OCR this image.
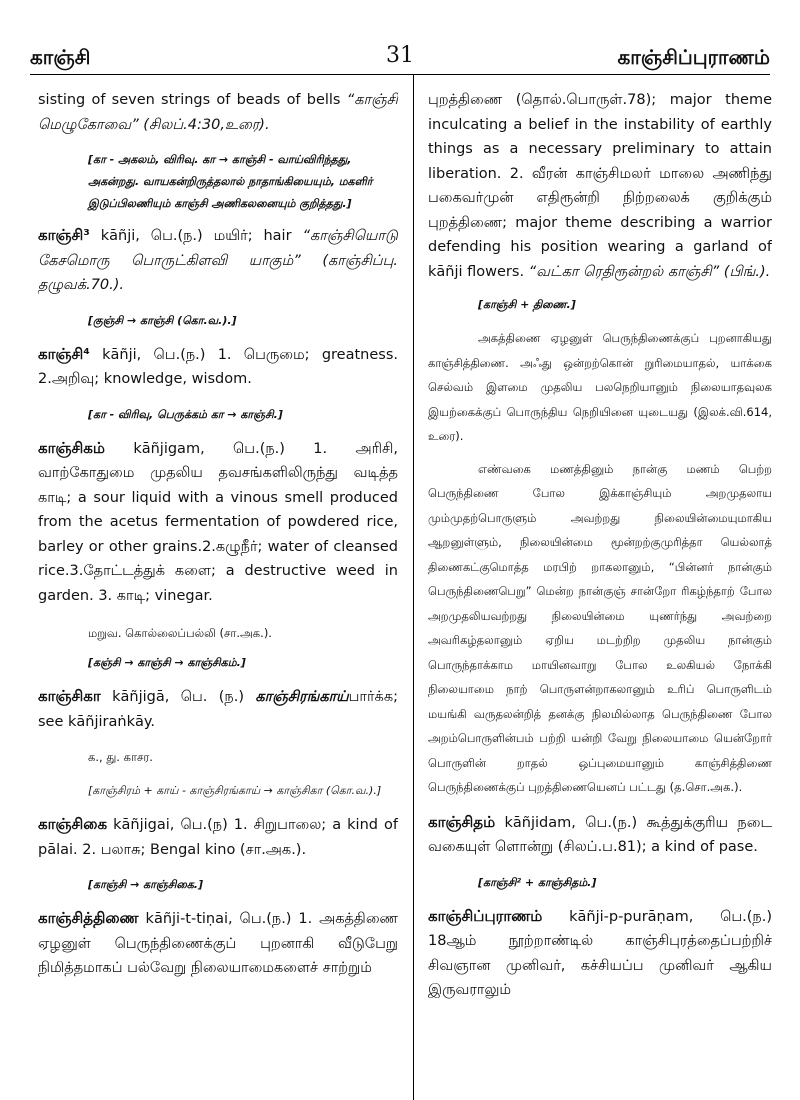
காஞ்சி	31	காஞ்சிப்புராணம்

sisting of seven strings of beads of bells “காஞ்சி மெழுகோவை” (சிலப்.4:30,உரை).

[கா - அகலம், விரிவு. கா → காஞ்சி - வாய்விரிந்தது, அகன்றது. வாயகன்றிருத்தலால் நாதாங்கியையும், மகளிர் இடுப்பிலணியும் காஞ்சி அணிகலனையும் குறித்தது.]

காஞ்சி³ kāñji, பெ.(ந.) மயிர்; hair “காஞ்சியொடு கேசமொரு பொருட்கிளவி யாகும்” (காஞ்சிப்பு. தழுவக்.70.).

[குஞ்சி → காஞ்சி (கொ.வ.).]

காஞ்சி⁴ kāñji, பெ.(ந.) 1. பெருமை; greatness. 2.அறிவு; knowledge, wisdom.

[கா - விரிவு, பெருக்கம் கா → காஞ்சி.]

காஞ்சிகம் kāñjigam, பெ.(ந.) 1. அரிசி, வாற்கோதுமை முதலிய தவசங்களிலிருந்து வடித்த காடி; a sour liquid with a vinous smell produced from the acetus fermentation of powdered rice, barley or other grains.2.கழுநீர்; water of cleansed rice.3.தோட்டத்துக் களை; a destructive weed in garden. 3. காடி; vinegar.

மறுவ. கொல்லைப்பல்லி (சா.அக.).

[கஞ்சி → காஞ்சி → காஞ்சிகம்.]

காஞ்சிகா kāñjigā, பெ. (ந.) காஞ்சிரங்காய்பார்க்க; see kāñjiraṅkāy.

க., து. காசர.

[காஞ்சிரம் + காய் - காஞ்சிரங்காய் → காஞ்சிகா (கொ.வ.).]

காஞ்சிகை kāñjigai, பெ.(ந) 1. சிறுபாலை; a kind of pālai. 2. பலாசு; Bengal kino (சா.அக.).

[காஞ்சி → காஞ்சிகை.]

காஞ்சித்திணை kāñji-t-tiṇai, பெ.(ந.) 1. அகத்திணை ஏழனுள் பெருந்திணைக்குப் புறனாகி வீடுபேறு நிமித்தமாகப் பல்வேறு நிலையாமைகளைச் சாற்றும்

புறத்திணை (தொல்.பொருள்.78); major theme inculcating a belief in the instability of earthly things as a necessary preliminary to attain liberation. 2. வீரன் காஞ்சிமலர் மாலை அணிந்து பகைவர்முன் எதிரூன்றி நிற்றலைக் குறிக்கும் புறத்திணை; major theme describing a warrior defending his position wearing a garland of kāñji flowers. “வட்கா ரெதிரூன்றல் காஞ்சி” (பிங்.).

[காஞ்சி + திணை.]

அகத்திணை ஏழனுள் பெருந்திணைக்குப் புறனாகியது காஞ்சித்திணை. அஃது ஒன்றற்கொன் றுரிமையாதல், யாக்கை செல்வம் இளமை முதலிய பலநெறியானும் நிலையாதவுலக இயற்கைக்குப் பொருந்திய நெறியினை யுடையது (இலக்.வி.614, உரை).

எண்வகை மணத்தினும் நான்கு மணம் பெற்ற பெருந்திணை போல இக்காஞ்சியும் அறமுதலாய மும்முதற்பொருளும் அவற்றது நிலையின்மையுமாகிய ஆறனுள்ளும், நிலையின்மை மூன்றற்குமுரித்தா யெல்லாத் திணைகட்குமொத்த மரபிற் றாகலானும், “பின்னர் நான்கும் பெருந்திணைபெறு” மென்ற நான்குஞ் சான்றோ ரிகழ்ந்தாற் போல அறமுதலியவற்றது நிலையின்மை யுணர்ந்து அவற்றை அவரிகழ்தலானும் ஏறிய மடற்றிற முதலிய நான்கும் பொருந்தாக்காம மாயினவாறு போல உலகியல் நோக்கி நிலையாமை நாற் பொருளன்றாகலானும் உரிப் பொருளிடம் மயங்கி வருதலன்றித் தனக்கு நிலமில்லாத பெருந்திணை போல அறம்பொருளின்பம் பற்றி யன்றி வேறு நிலையாமை யென்றோர் பொருளின் றாதல் ஒப்புமையானும் காஞ்சித்திணை பெருந்திணைக்குப் புறத்திணையெனப் பட்டது (த.சொ.அக.).

காஞ்சிதம் kāñjidam, பெ.(ந.) கூத்துக்குரிய நடை வகையுள் ளொன்று (சிலப்.ப.81); a kind of pase.

[காஞ்சி² + காஞ்சிதம்.]

காஞ்சிப்புராணம் kāñji-p-purāṇam, பெ.(ந.) 18ஆம் நூற்றாண்டில் காஞ்சிபுரத்தைப்பற்றிச் சிவஞான முனிவர், கச்சியப்ப முனிவர் ஆகிய இருவராலும்
